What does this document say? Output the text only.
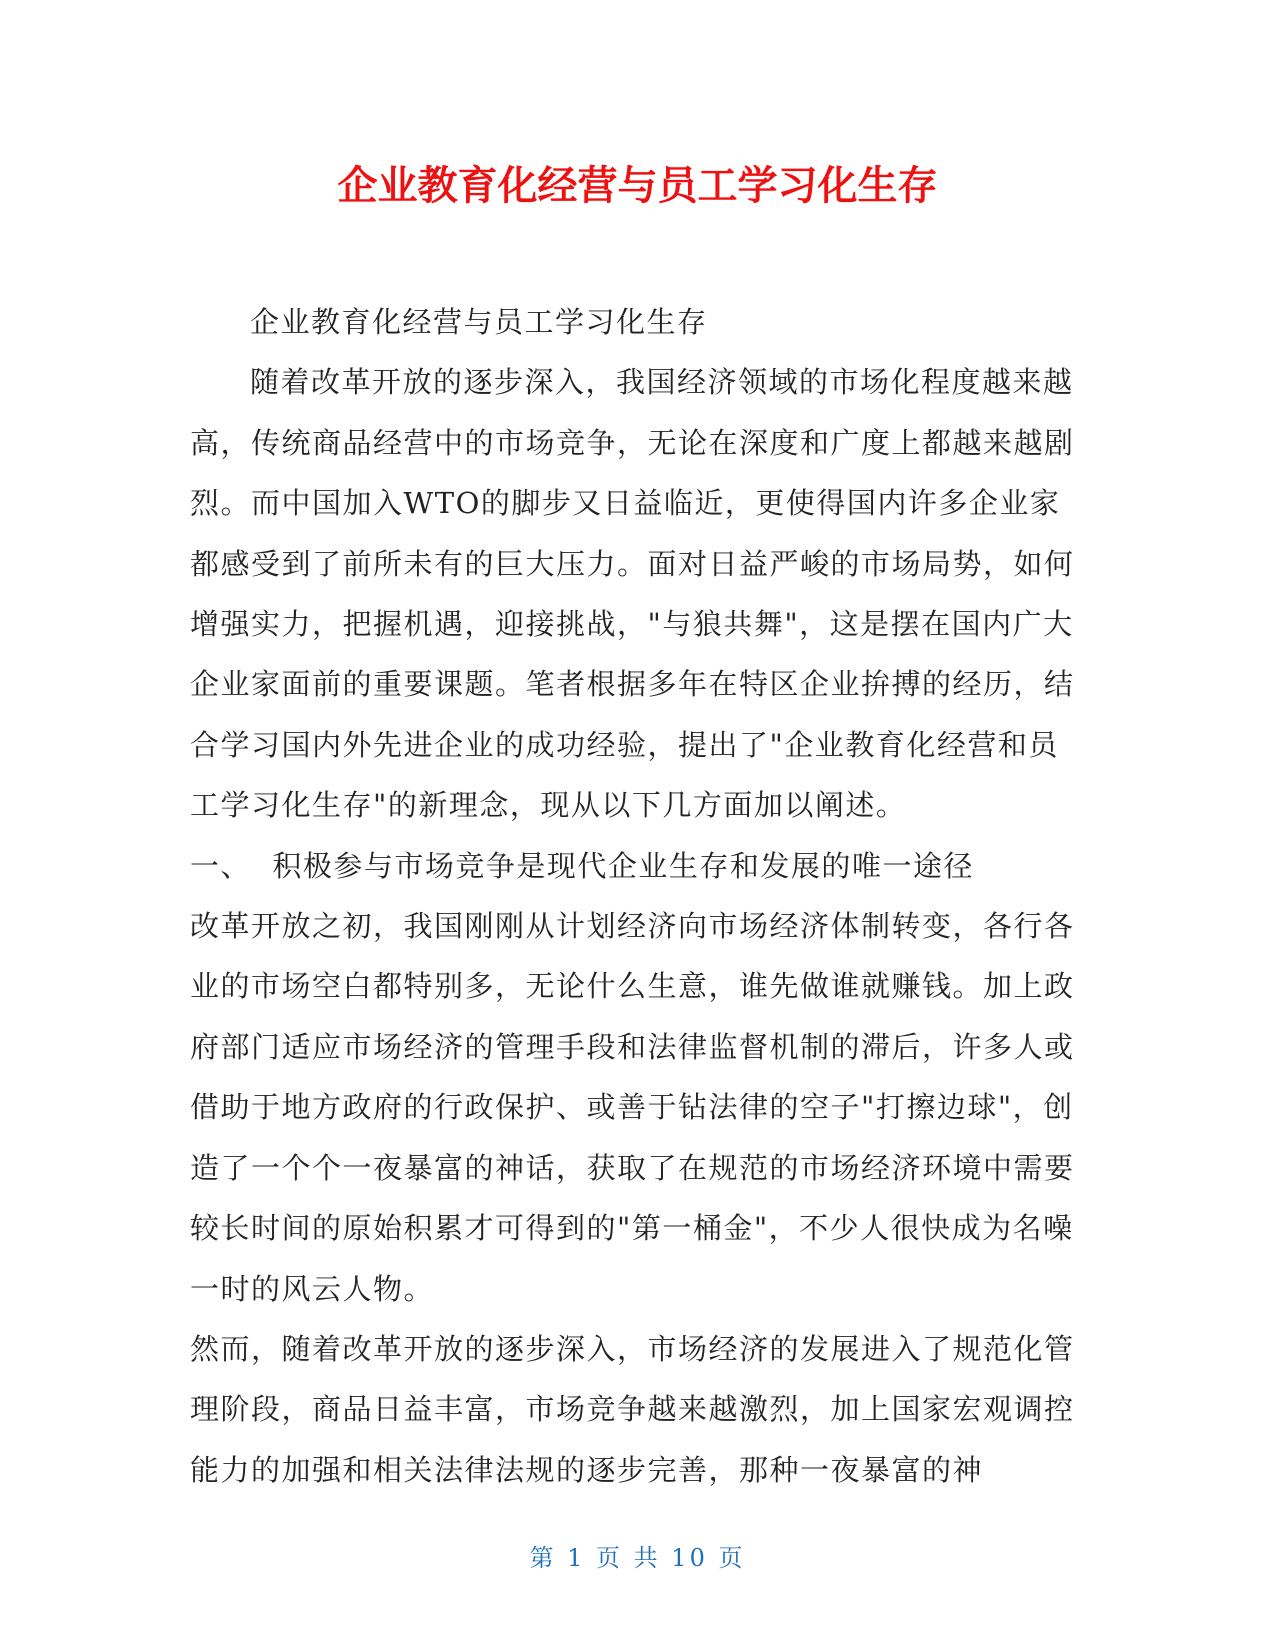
企业教育化经营与员工学习化生存

企业教育化经营与员工学习化生存

随着改革开放的逐步深入，我国经济领域的市场化程度越来越高，传统商品经营中的市场竞争，无论在深度和广度上都越来越剧烈。而中国加入WTO的脚步又日益临近，更使得国内许多企业家都感受到了前所未有的巨大压力。面对日益严峻的市场局势，如何增强实力，把握机遇，迎接挑战，"与狼共舞"，这是摆在国内广大企业家面前的重要课题。笔者根据多年在特区企业拚搏的经历，结合学习国内外先进企业的成功经验，提出了"企业教育化经营和员工学习化生存"的新理念，现从以下几方面加以阐述。

一、  积极参与市场竞争是现代企业生存和发展的唯一途径

改革开放之初，我国刚刚从计划经济向市场经济体制转变，各行各业的市场空白都特别多，无论什么生意，谁先做谁就赚钱。加上政府部门适应市场经济的管理手段和法律监督机制的滞后，许多人或借助于地方政府的行政保护、或善于钻法律的空子"打擦边球"，创造了一个个一夜暴富的神话，获取了在规范的市场经济环境中需要较长时间的原始积累才可得到的"第一桶金"，不少人很快成为名噪一时的风云人物。

然而，随着改革开放的逐步深入，市场经济的发展进入了规范化管理阶段，商品日益丰富，市场竞争越来越激烈，加上国家宏观调控能力的加强和相关法律法规的逐步完善，那种一夜暴富的神

第 1 页 共 10 页
